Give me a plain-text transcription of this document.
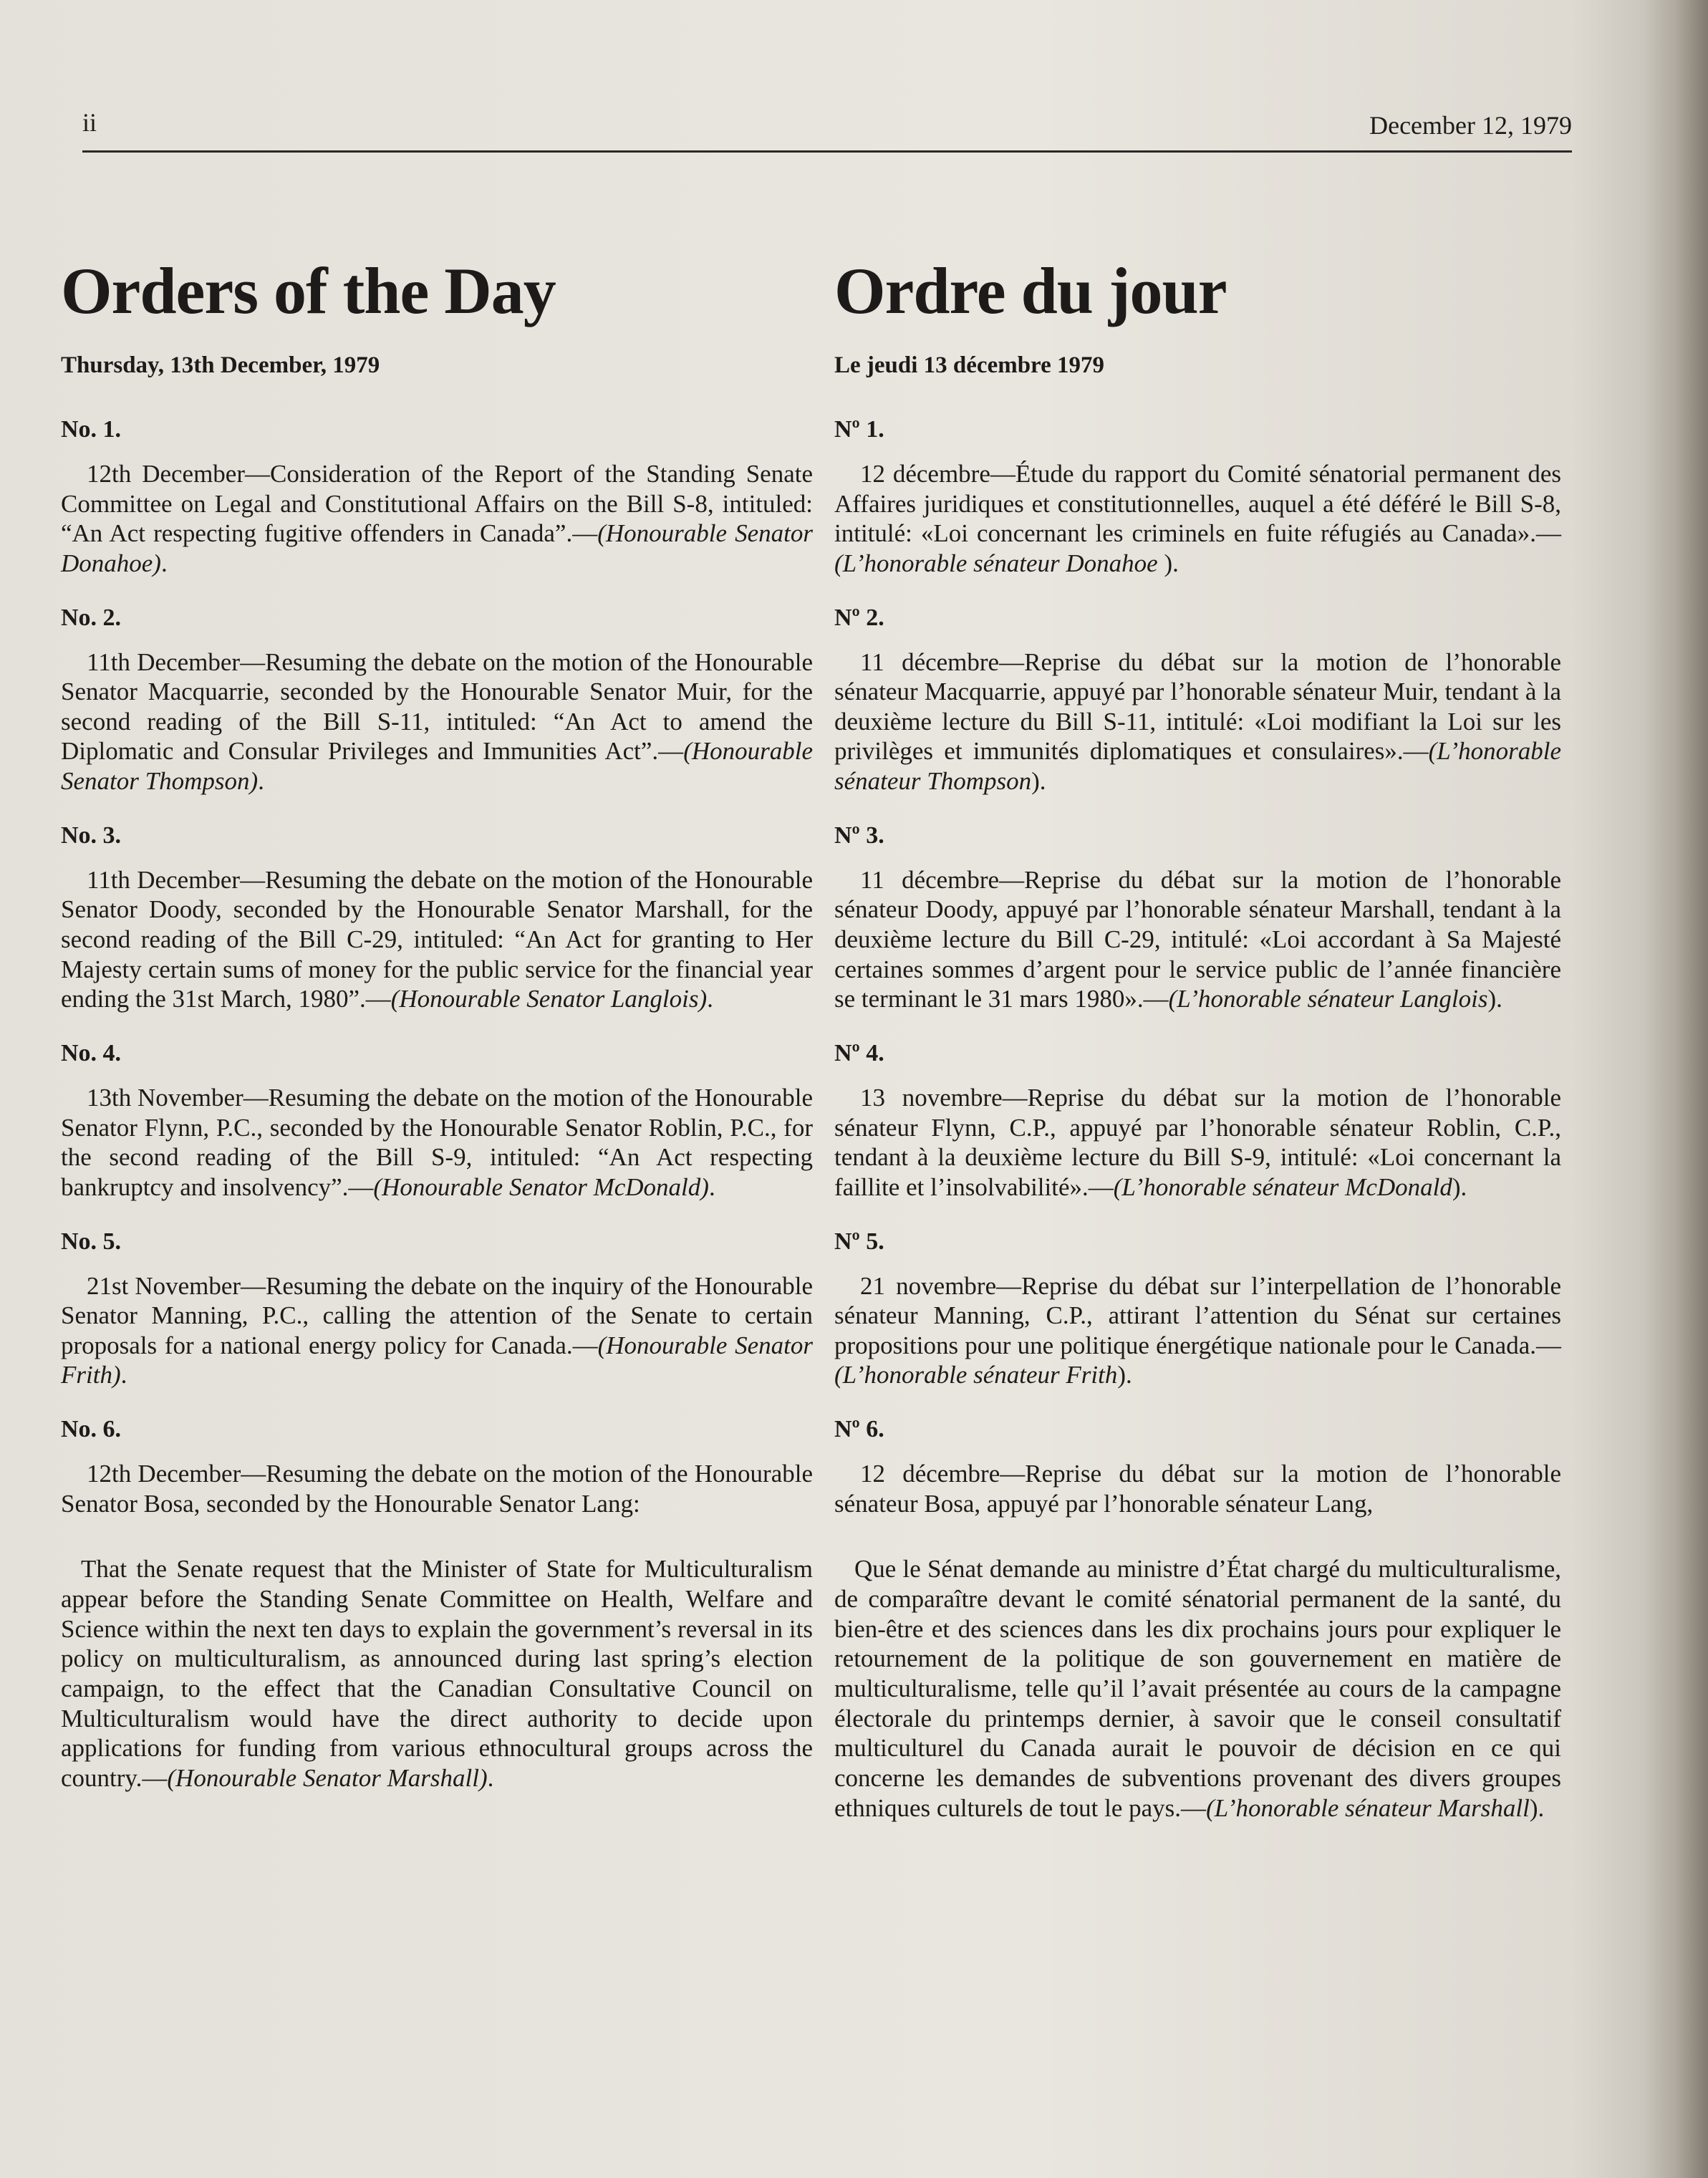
ii	December 12, 1979
Orders of the Day
Thursday, 13th December, 1979
No. 1.

12th December—Consideration of the Report of the Standing Senate Committee on Legal and Constitutional Affairs on the Bill S-8, intituled: “An Act respecting fugitive offenders in Canada”.—(Honourable Senator Donahoe).

No. 2.

11th December—Resuming the debate on the motion of the Honourable Senator Macquarrie, seconded by the Honourable Senator Muir, for the second reading of the Bill S-11, intituled: “An Act to amend the Diplomatic and Consular Privileges and Immunities Act”.—(Honourable Senator Thompson).

No. 3.

11th December—Resuming the debate on the motion of the Honourable Senator Doody, seconded by the Honourable Senator Marshall, for the second reading of the Bill C-29, intituled: “An Act for granting to Her Majesty certain sums of money for the public service for the financial year ending the 31st March, 1980”.—(Honourable Senator Langlois).

No. 4.

13th November—Resuming the debate on the motion of the Honourable Senator Flynn, P.C., seconded by the Honourable Senator Roblin, P.C., for the second reading of the Bill S-9, intituled: “An Act respecting bankruptcy and insolvency”.—(Honourable Senator McDonald).

No. 5.

21st November—Resuming the debate on the inquiry of the Honourable Senator Manning, P.C., calling the attention of the Senate to certain proposals for a national energy policy for Canada.—(Honourable Senator Frith).

No. 6.

12th December—Resuming the debate on the motion of the Honourable Senator Bosa, seconded by the Honourable Senator Lang:

That the Senate request that the Minister of State for Multiculturalism appear before the Standing Senate Committee on Health, Welfare and Science within the next ten days to explain the government’s reversal in its policy on multiculturalism, as announced during last spring’s election campaign, to the effect that the Canadian Consultative Council on Multiculturalism would have the direct authority to decide upon applications for funding from various ethnocultural groups across the country.—(Honourable Senator Marshall).

Ordre du jour
Le jeudi 13 décembre 1979
Nº 1.

12 décembre—Étude du rapport du Comité sénatorial permanent des Affaires juridiques et constitutionnelles, auquel a été déféré le Bill S-8, intitulé: «Loi concernant les criminels en fuite réfugiés au Canada».—(L’honorable sénateur Donahoe ).

Nº 2.

11 décembre—Reprise du débat sur la motion de l’honorable sénateur Macquarrie, appuyé par l’honorable sénateur Muir, tendant à la deuxième lecture du Bill S-11, intitulé: «Loi modifiant la Loi sur les privilèges et immunités diplomatiques et consulaires».—(L’honorable sénateur Thompson).

Nº 3.

11 décembre—Reprise du débat sur la motion de l’honorable sénateur Doody, appuyé par l’honorable sénateur Marshall, tendant à la deuxième lecture du Bill C-29, intitulé: «Loi accordant à Sa Majesté certaines sommes d’argent pour le service public de l’année financière se terminant le 31 mars 1980».—(L’honorable sénateur Langlois).

Nº 4.

13 novembre—Reprise du débat sur la motion de l’honorable sénateur Flynn, C.P., appuyé par l’honorable sénateur Roblin, C.P., tendant à la deuxième lecture du Bill S-9, intitulé: «Loi concernant la faillite et l’insolvabilité».—(L’honorable sénateur McDonald).

Nº 5.

21 novembre—Reprise du débat sur l’interpellation de l’honorable sénateur Manning, C.P., attirant l’attention du Sénat sur certaines propositions pour une politique énergétique nationale pour le Canada.—(L’honorable sénateur Frith).

Nº 6.

12 décembre—Reprise du débat sur la motion de l’honorable sénateur Bosa, appuyé par l’honorable sénateur Lang,

Que le Sénat demande au ministre d’État chargé du multiculturalisme, de comparaître devant le comité sénatorial permanent de la santé, du bien-être et des sciences dans les dix prochains jours pour expliquer le retournement de la politique de son gouvernement en matière de multiculturalisme, telle qu’il l’avait présentée au cours de la campagne électorale du printemps dernier, à savoir que le conseil consultatif multiculturel du Canada aurait le pouvoir de décision en ce qui concerne les demandes de subventions provenant des divers groupes ethniques culturels de tout le pays.—(L’honorable sénateur Marshall).
